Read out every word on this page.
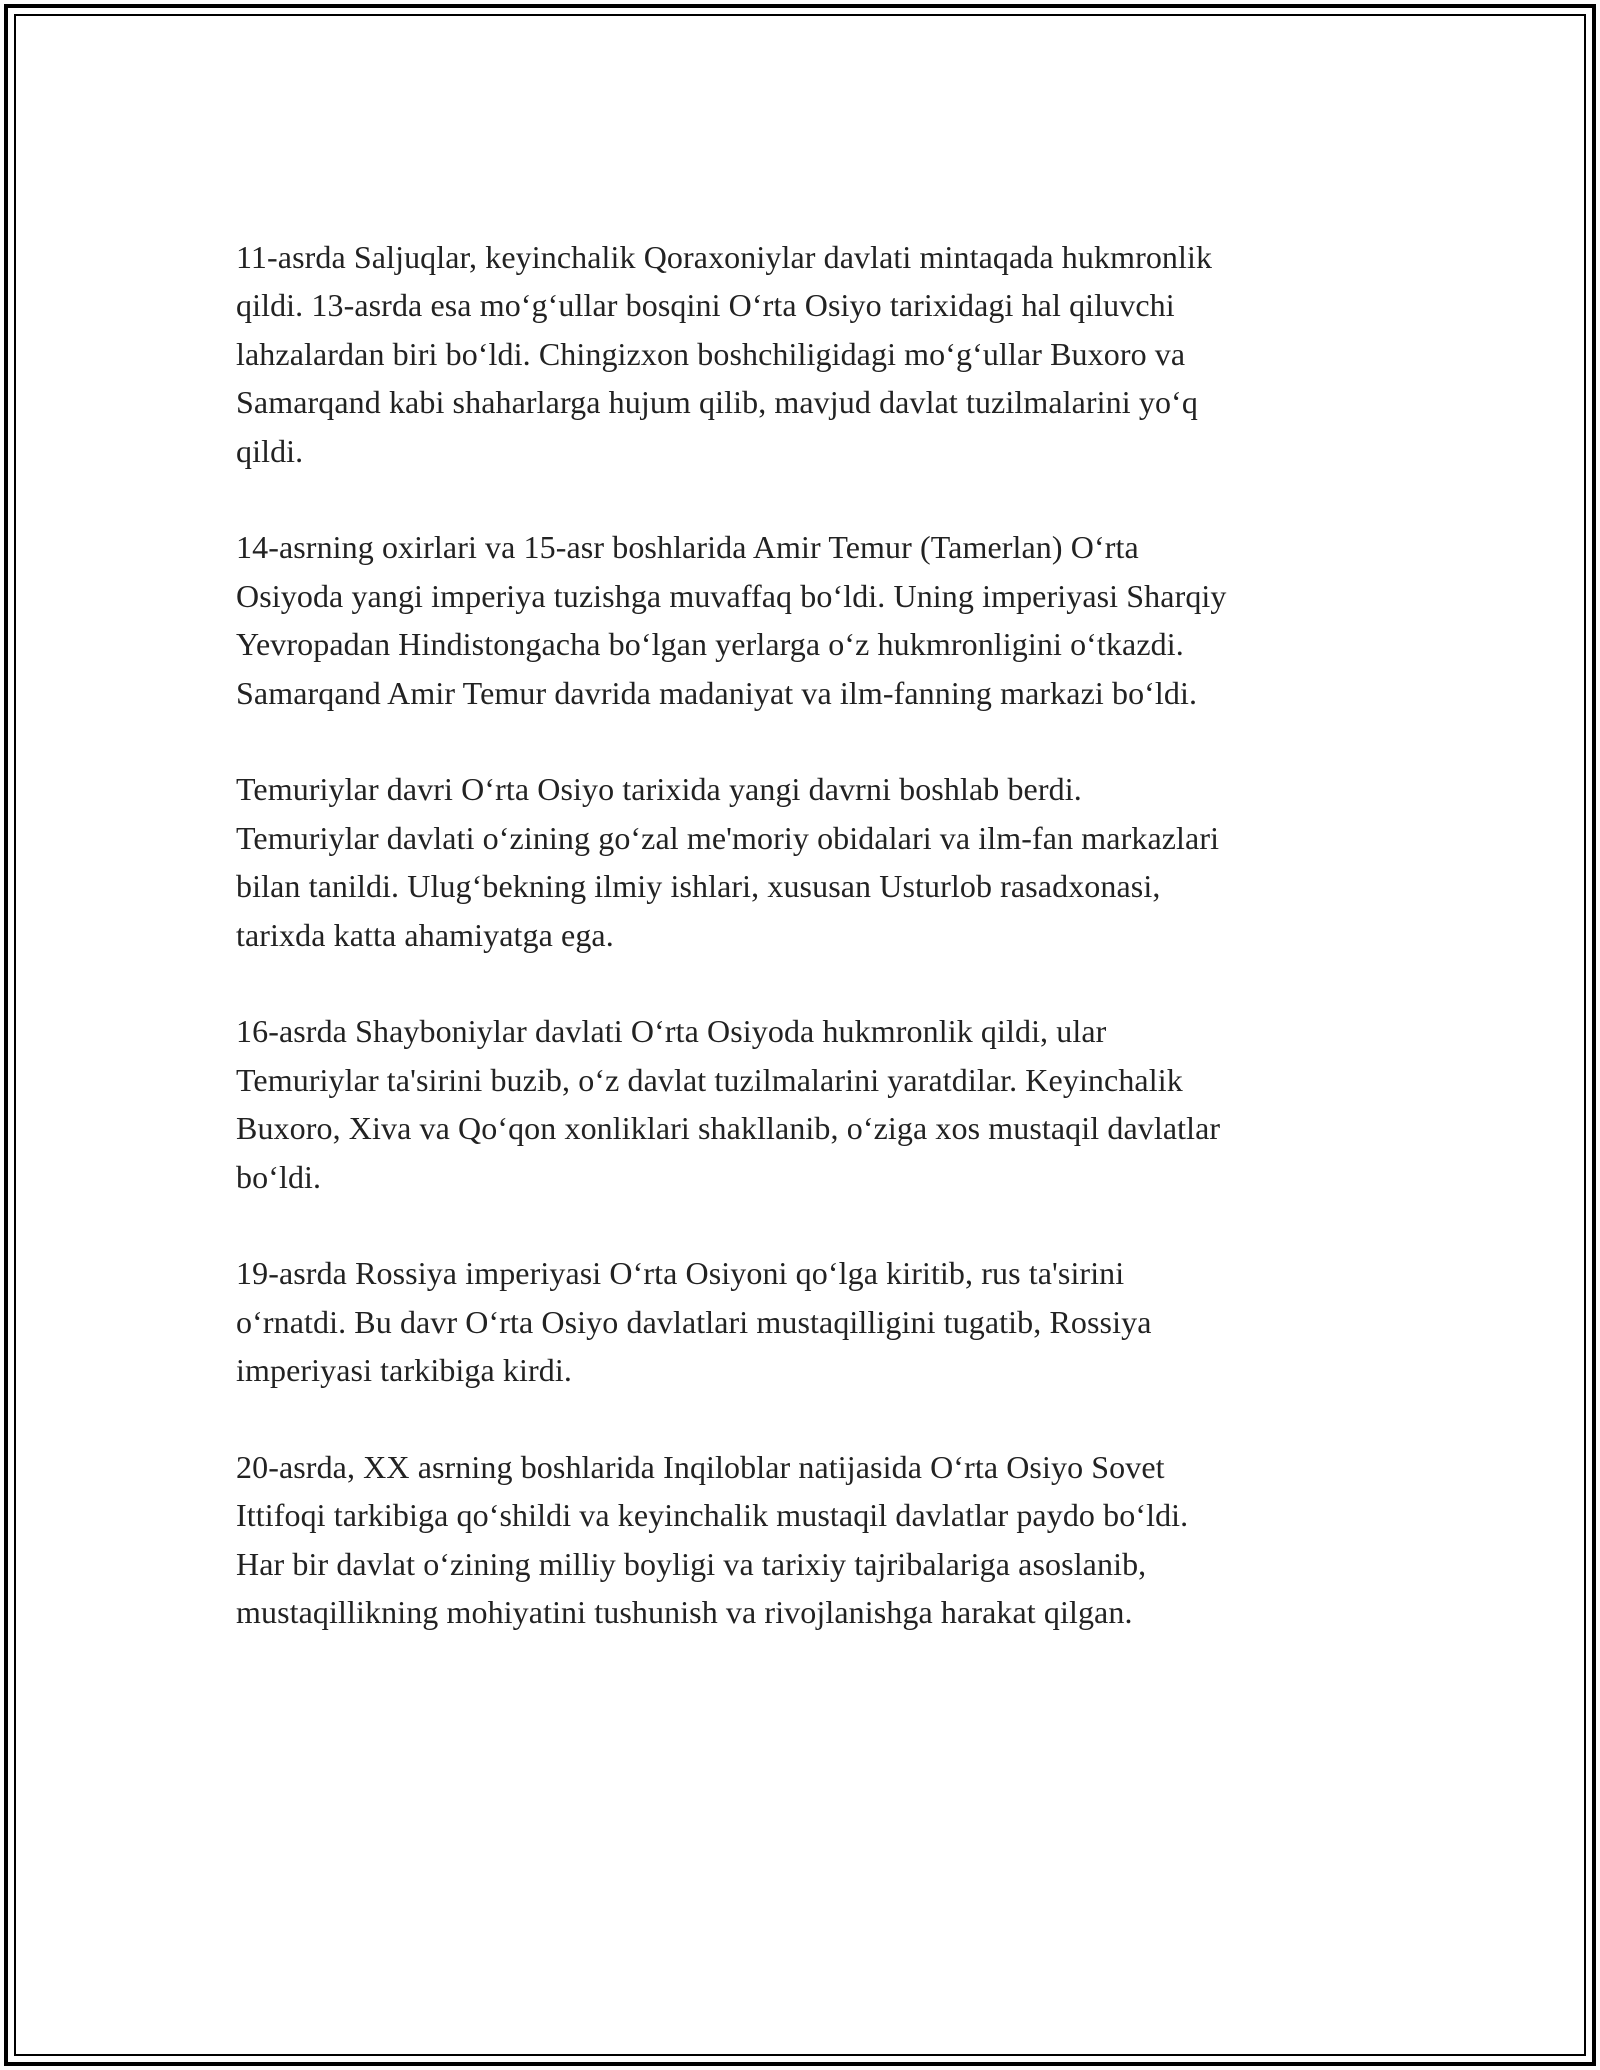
11-asrda Saljuqlar, keyinchalik Qoraxoniylar davlati mintaqada hukmronlik
qildi. 13-asrda esa mo‘g‘ullar bosqini O‘rta Osiyo tarixidagi hal qiluvchi
lahzalardan biri bo‘ldi. Chingizxon boshchiligidagi mo‘g‘ullar Buxoro va
Samarqand kabi shaharlarga hujum qilib, mavjud davlat tuzilmalarini yo‘q
qildi.

14-asrning oxirlari va 15-asr boshlarida Amir Temur (Tamerlan) O‘rta
Osiyoda yangi imperiya tuzishga muvaffaq bo‘ldi. Uning imperiyasi Sharqiy
Yevropadan Hindistongacha bo‘lgan yerlarga o‘z hukmronligini o‘tkazdi.
Samarqand Amir Temur davrida madaniyat va ilm-fanning markazi bo‘ldi.

Temuriylar davri O‘rta Osiyo tarixida yangi davrni boshlab berdi.
Temuriylar davlati o‘zining go‘zal me'moriy obidalari va ilm-fan markazlari
bilan tanildi. Ulug‘bekning ilmiy ishlari, xususan Usturlob rasadxonasi,
tarixda katta ahamiyatga ega.

16-asrda Shayboniylar davlati O‘rta Osiyoda hukmronlik qildi, ular
Temuriylar ta'sirini buzib, o‘z davlat tuzilmalarini yaratdilar. Keyinchalik
Buxoro, Xiva va Qo‘qon xonliklari shakllanib, o‘ziga xos mustaqil davlatlar
bo‘ldi.

19-asrda Rossiya imperiyasi O‘rta Osiyoni qo‘lga kiritib, rus ta'sirini
o‘rnatdi. Bu davr O‘rta Osiyo davlatlari mustaqilligini tugatib, Rossiya
imperiyasi tarkibiga kirdi.

20-asrda, XX asrning boshlarida Inqiloblar natijasida O‘rta Osiyo Sovet
Ittifoqi tarkibiga qo‘shildi va keyinchalik mustaqil davlatlar paydo bo‘ldi.
Har bir davlat o‘zining milliy boyligi va tarixiy tajribalariga asoslanib,
mustaqillikning mohiyatini tushunish va rivojlanishga harakat qilgan.
